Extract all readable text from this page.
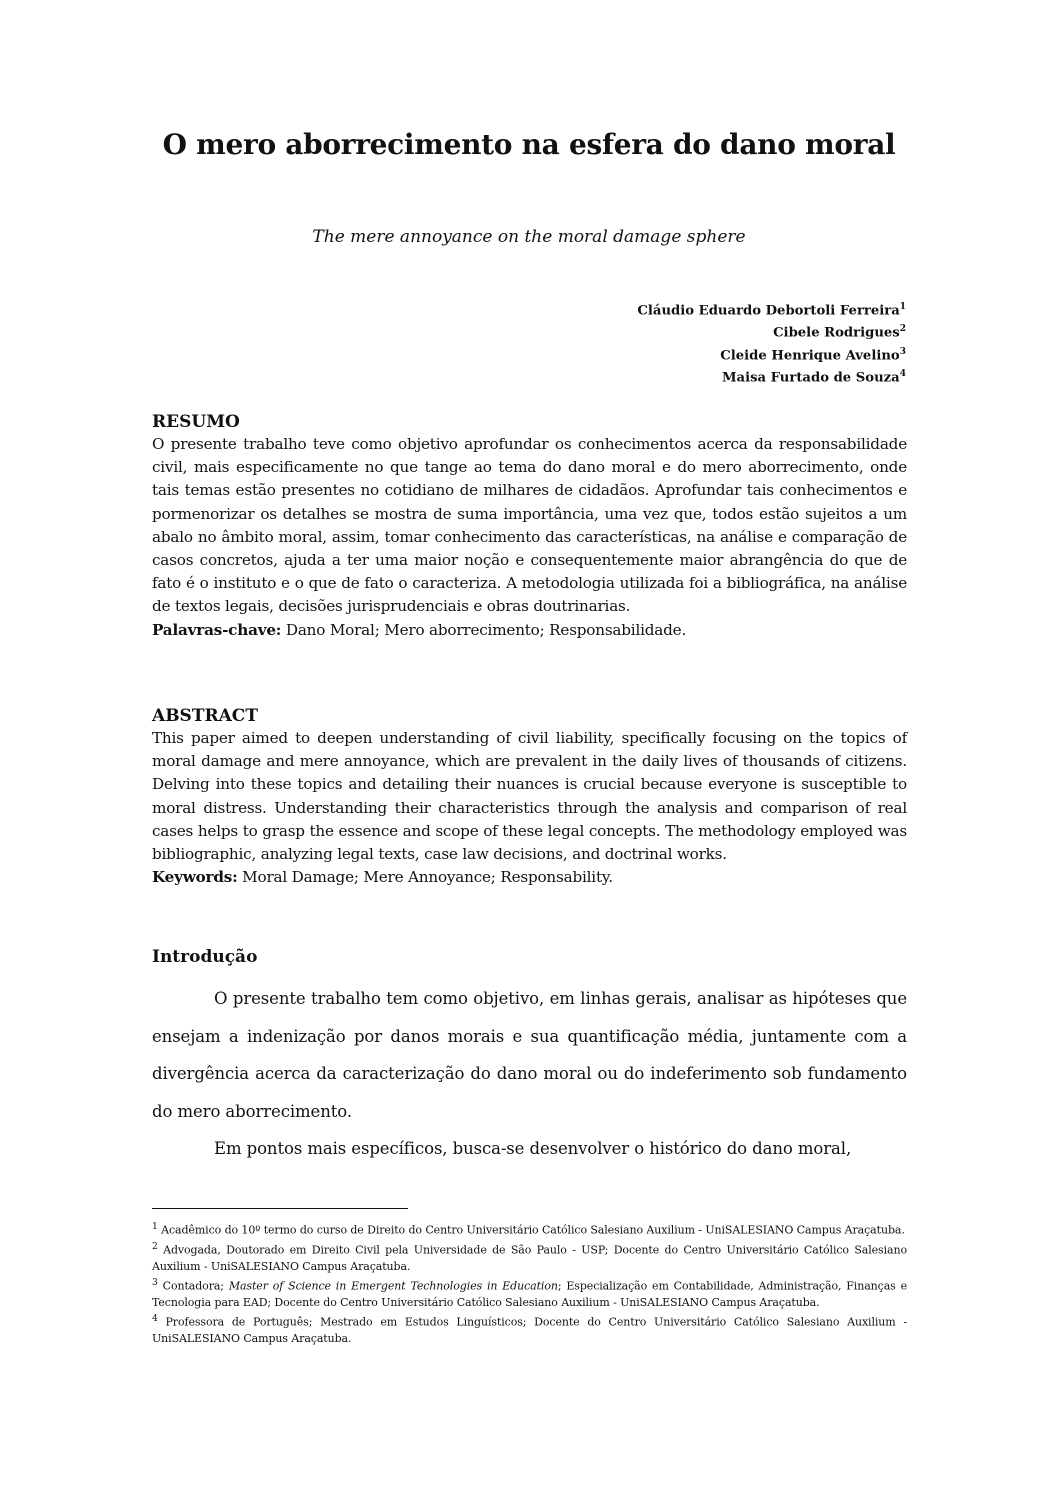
O mero aborrecimento na esfera do dano moral
The mere annoyance on the moral damage sphere
Cláudio Eduardo Debortoli Ferreira$^1$
Cibele Rodrigues$^2$
Cleide Henrique Avelino$^3$
Maisa Furtado de Souza$^4$
RESUMO
O presente trabalho teve como objetivo aprofundar os conhecimentos acerca da responsabilidade civil, mais especificamente no que tange ao tema do dano moral e do mero aborrecimento, onde tais temas estão presentes no cotidiano de milhares de cidadãos. Aprofundar tais conhecimentos e pormenorizar os detalhes se mostra de suma importância, uma vez que, todos estão sujeitos a um abalo no âmbito moral, assim, tomar conhecimento das características, na análise e comparação de casos concretos, ajuda a ter uma maior noção e consequentemente maior abrangência do que de fato é o instituto e o que de fato o caracteriza. A metodologia utilizada foi a bibliográfica, na análise de textos legais, decisões jurisprudenciais e obras doutrinarias.
Palavras-chave: Dano Moral; Mero aborrecimento; Responsabilidade.
ABSTRACT
This paper aimed to deepen understanding of civil liability, specifically focusing on the topics of moral damage and mere annoyance, which are prevalent in the daily lives of thousands of citizens. Delving into these topics and detailing their nuances is crucial because everyone is susceptible to moral distress. Understanding their characteristics through the analysis and comparison of real cases helps to grasp the essence and scope of these legal concepts. The methodology employed was bibliographic, analyzing legal texts, case law decisions, and doctrinal works.
Keywords: Moral Damage; Mere Annoyance; Responsability.
Introdução
O presente trabalho tem como objetivo, em linhas gerais, analisar as hipóteses que ensejam a indenização por danos morais e sua quantificação média, juntamente com a divergência acerca da caracterização do dano moral ou do indeferimento sob fundamento do mero aborrecimento.
Em pontos mais específicos, busca-se desenvolver o histórico do dano moral,

$^1$ Acadêmico do 10º termo do curso de Direito do Centro Universitário Católico Salesiano Auxilium - UniSALESIANO Campus Araçatuba.

$^2$ Advogada, Doutorado em Direito Civil pela Universidade de São Paulo - USP; Docente do Centro Universitário Católico Salesiano Auxilium - UniSALESIANO Campus Araçatuba.

$^3$ Contadora; Master of Science in Emergent Technologies in Education; Especialização em Contabilidade, Administração, Finanças e Tecnologia para EAD; Docente do Centro Universitário Católico Salesiano Auxilium - UniSALESIANO Campus Araçatuba.

$^4$ Professora de Português; Mestrado em Estudos Linguísticos; Docente do Centro Universitário Católico Salesiano Auxilium - UniSALESIANO Campus Araçatuba.
